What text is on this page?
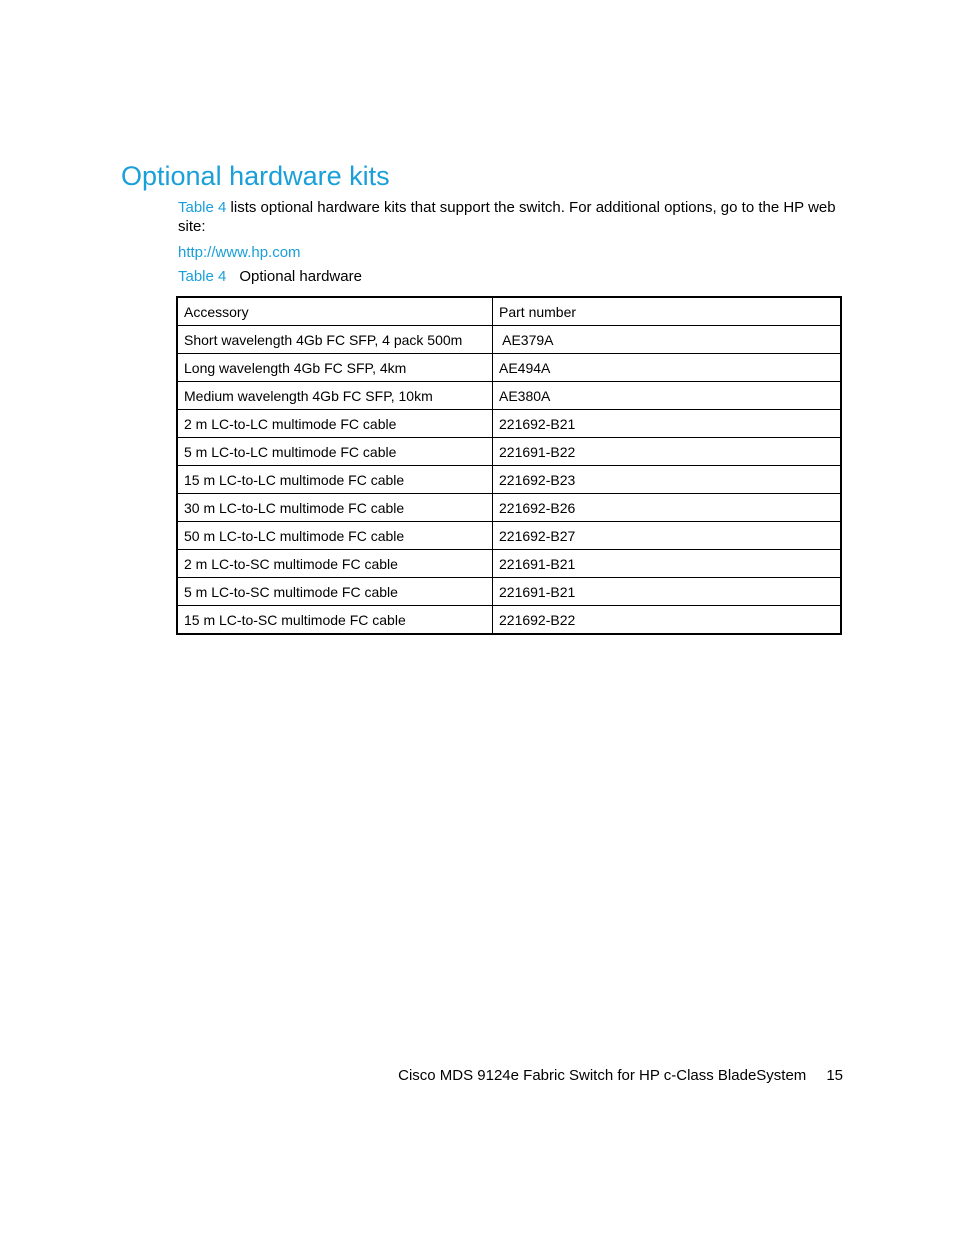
Optional hardware kits

Table 4 lists optional hardware kits that support the switch. For additional options, go to the HP web site:

http://www.hp.com

Table 4 Optional hardware

Accessory	Part number
Short wavelength 4Gb FC SFP, 4 pack 500m	AE379A
Long wavelength 4Gb FC SFP, 4km	AE494A
Medium wavelength 4Gb FC SFP, 10km	AE380A
2 m LC-to-LC multimode FC cable	221692-B21
5 m LC-to-LC multimode FC cable	221691-B22
15 m LC-to-LC multimode FC cable	221692-B23
30 m LC-to-LC multimode FC cable	221692-B26
50 m LC-to-LC multimode FC cable	221692-B27
2 m LC-to-SC multimode FC cable	221691-B21
5 m LC-to-SC multimode FC cable	221691-B21
15 m LC-to-SC multimode FC cable	221692-B22

Cisco MDS 9124e Fabric Switch for HP c-Class BladeSystem 15
